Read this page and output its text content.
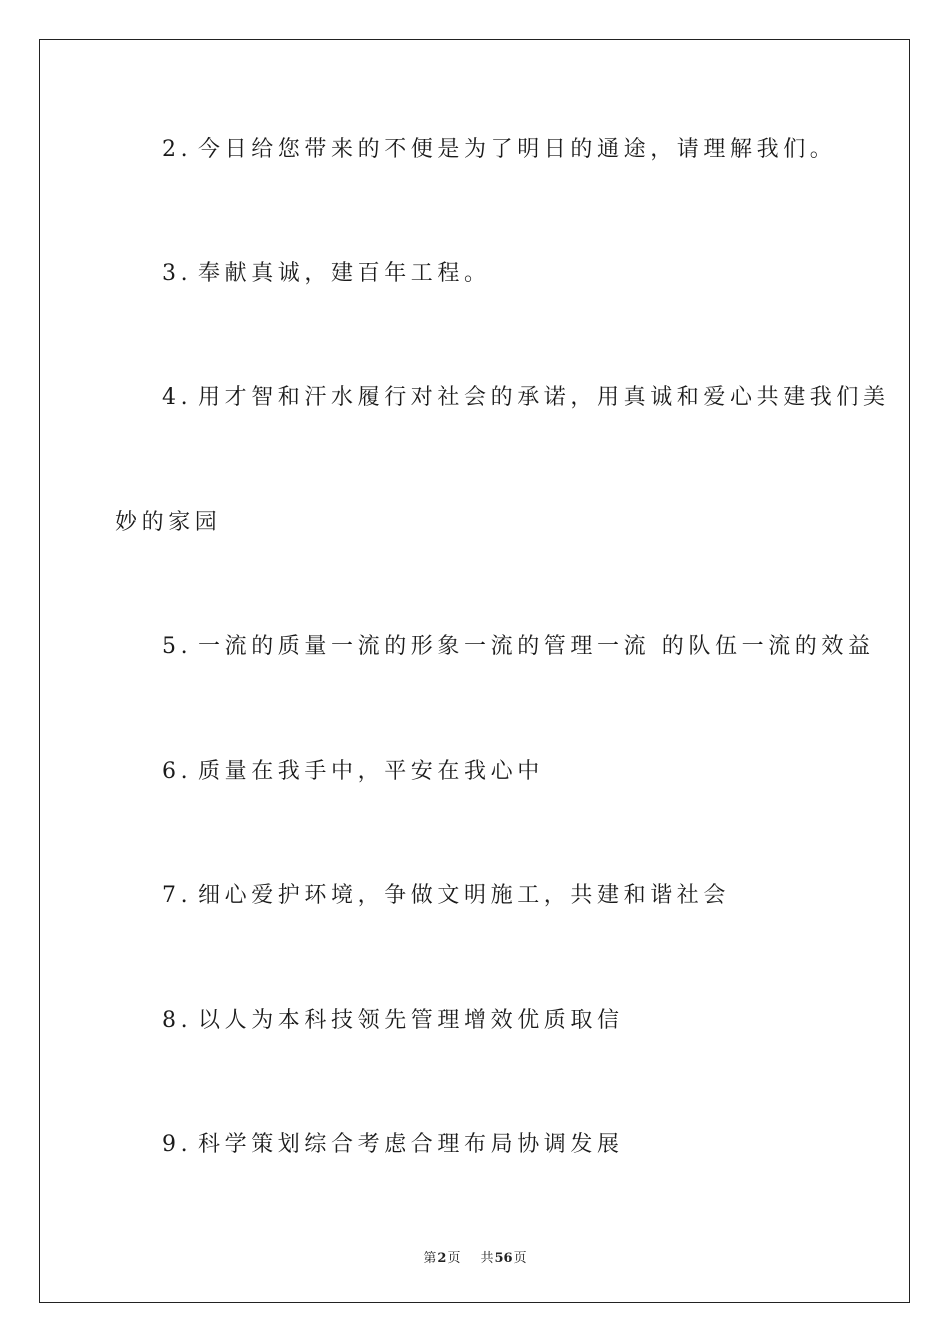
2. 今日给您带来的不便是为了明日的通途，请理解我们。
3. 奉献真诚，建百年工程。
4. 用才智和汗水履行对社会的承诺，用真诚和爱心共建我们美
妙的家园
5. 一流的质量一流的形象一流的管理一流 的队伍一流的效益
6. 质量在我手中，平安在我心中
7. 细心爱护环境，争做文明施工，共建和谐社会
8. 以人为本科技领先管理增效优质取信
9. 科学策划综合考虑合理布局协调发展
第2页 共56页
